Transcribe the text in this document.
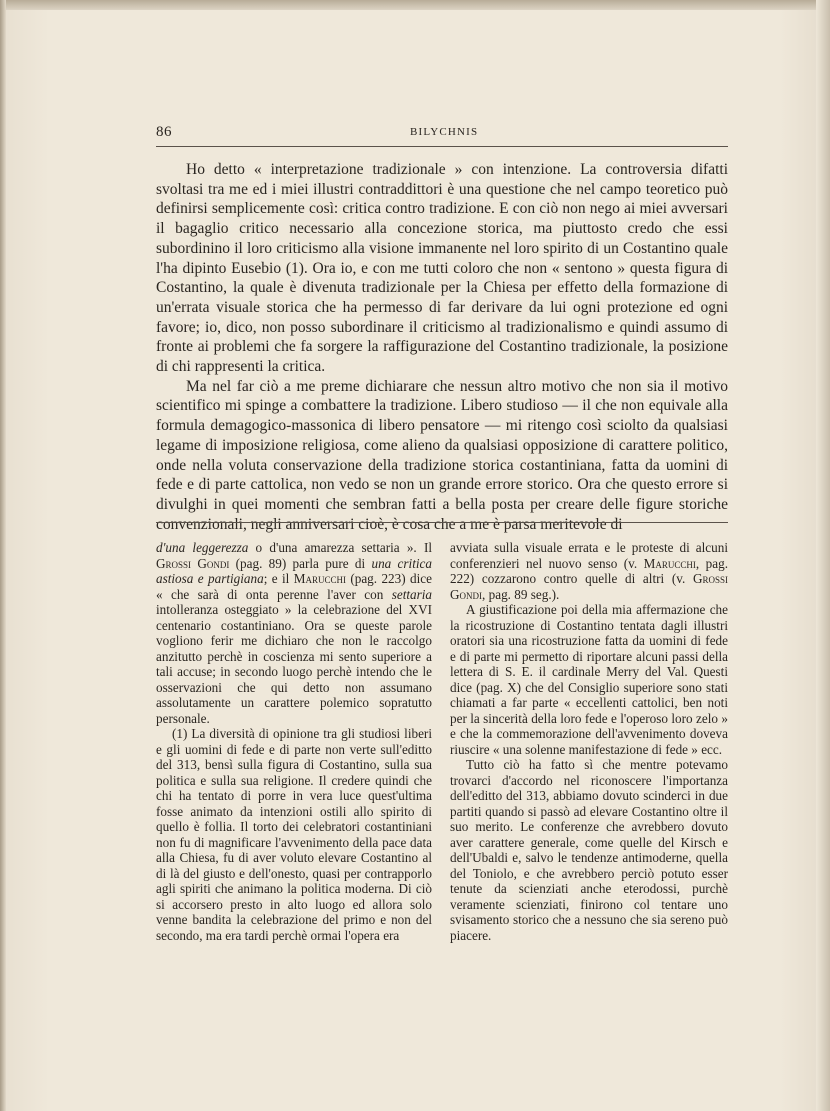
86	BILYCHNIS

Ho detto « interpretazione tradizionale » con intenzione. La controversia difatti svoltasi tra me ed i miei illustri contraddittori è una questione che nel campo teoretico può definirsi semplicemente così: critica contro tradizione. E con ciò non nego ai miei avversari il bagaglio critico necessario alla concezione storica, ma piuttosto credo che essi subordinino il loro criticismo alla visione immanente nel loro spirito di un Costantino quale l'ha dipinto Eusebio (1). Ora io, e con me tutti coloro che non « sentono » questa figura di Costantino, la quale è divenuta tradizionale per la Chiesa per effetto della formazione di un'errata visuale storica che ha permesso di far derivare da lui ogni protezione ed ogni favore; io, dico, non posso subordinare il criticismo al tradizionalismo e quindi assumo di fronte ai problemi che fa sorgere la raffigurazione del Costantino tradizionale, la posizione di chi rappresenti la critica.

Ma nel far ciò a me preme dichiarare che nessun altro motivo che non sia il motivo scientifico mi spinge a combattere la tradizione. Libero studioso — il che non equivale alla formula demagogico-massonica di libero pensatore — mi ritengo così sciolto da qualsiasi legame di imposizione religiosa, come alieno da qualsiasi opposizione di carattere politico, onde nella voluta conservazione della tradizione storica costantiniana, fatta da uomini di fede e di parte cattolica, non vedo se non un grande errore storico. Ora che questo errore si divulghi in quei momenti che sembran fatti a bella posta per creare delle figure storiche convenzionali, negli anniversari cioè, è cosa che a me è parsa meritevole di

d'una leggerezza o d'una amarezza settaria ». Il Grossi Gondi (pag. 89) parla pure di una critica astiosa e partigiana; e il Marucchi (pag. 223) dice « che sarà di onta perenne l'aver con settaria intolleranza osteggiato » la celebrazione del XVI centenario costantiniano. Ora se queste parole vogliono ferir me dichiaro che non le raccolgo anzitutto perchè in coscienza mi sento superiore a tali accuse; in secondo luogo perchè intendo che le osservazioni che qui detto non assumano assolutamente un carattere polemico sopratutto personale.

(1) La diversità di opinione tra gli studiosi liberi e gli uomini di fede e di parte non verte sull'editto del 313, bensì sulla figura di Costantino, sulla sua politica e sulla sua religione. Il credere quindi che chi ha tentato di porre in vera luce quest'ultima fosse animato da intenzioni ostili allo spirito di quello è follia. Il torto dei celebratori costantiniani non fu di magnificare l'avvenimento della pace data alla Chiesa, fu di aver voluto elevare Costantino al di là del giusto e dell'onesto, quasi per contrapporlo agli spiriti che animano la politica moderna. Di ciò si accorsero presto in alto luogo ed allora solo venne bandita la celebrazione del primo e non del secondo, ma era tardi perchè ormai l'opera era

avviata sulla visuale errata e le proteste di alcuni conferenzieri nel nuovo senso (v. Marucchi, pag. 222) cozzarono contro quelle di altri (v. Grossi Gondi, pag. 89 seg.).

A giustificazione poi della mia affermazione che la ricostruzione di Costantino tentata dagli illustri oratori sia una ricostruzione fatta da uomini di fede e di parte mi permetto di riportare alcuni passi della lettera di S. E. il cardinale Merry del Val. Questi dice (pag. X) che del Consiglio superiore sono stati chiamati a far parte « eccellenti cattolici, ben noti per la sincerità della loro fede e l'operoso loro zelo » e che la commemorazione dell'avvenimento doveva riuscire « una solenne manifestazione di fede » ecc.

Tutto ciò ha fatto sì che mentre potevamo trovarci d'accordo nel riconoscere l'importanza dell'editto del 313, abbiamo dovuto scinderci in due partiti quando si passò ad elevare Costantino oltre il suo merito. Le conferenze che avrebbero dovuto aver carattere generale, come quelle del Kirsch e dell'Ubaldi e, salvo le tendenze antimoderne, quella del Toniolo, e che avrebbero perciò potuto esser tenute da scienziati anche eterodossi, purchè veramente scienziati, finirono col tentare uno svisamento storico che a nessuno che sia sereno può piacere.
